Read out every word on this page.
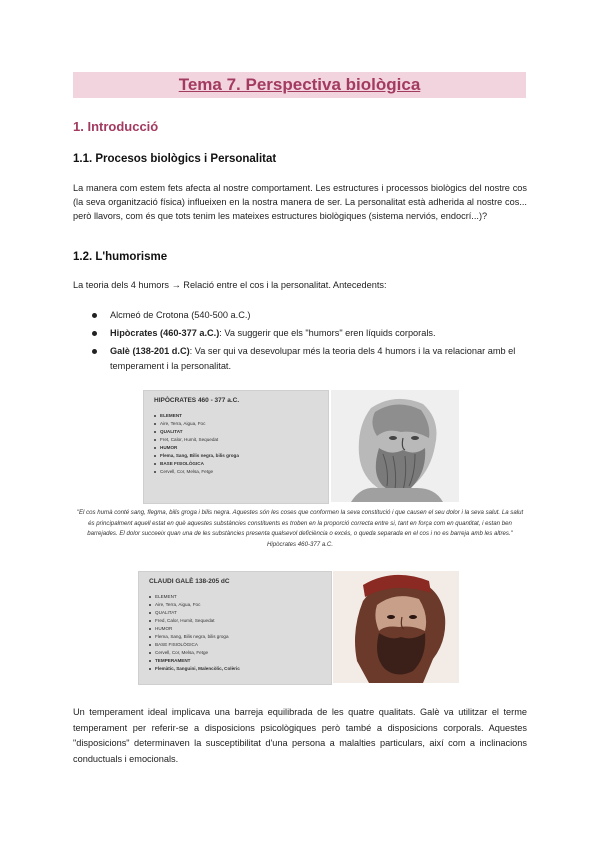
Tema 7. Perspectiva biològica
1. Introducció
1.1. Procesos biològics i Personalitat
La manera com estem fets afecta al nostre comportament. Les estructures i processos biològics del nostre cos (la seva organització física) influeixen en la nostra manera de ser. La personalitat està adherida al nostre cos... però llavors, com és que tots tenim les mateixes estructures biològiques (sistema nerviós, endocrí...)?
1.2. L'humorisme
La teoria dels 4 humors → Relació entre el cos i la personalitat. Antecedents:
Alcmeó de Crotona (540-500 a.C.)
Hipòcrates (460-377 a.C.): Va suggerir que els "humors" eren líquids corporals.
Galè (138-201 d.C): Va ser qui va desevolupar més la teoria dels 4 humors i la va relacionar amb el temperament i la personalitat.
HIPÒCRATES 460 - 377 a.C.
ELEMENT
Aire, Terra, Aigua, Foc
QUALITAT
Fret, Calor, Humit, Sequedat
HUMOR
Flema, Sang, Bilis negra, bilis groga
BASE FISIOLÒGICA
Cervell, Cor, Melsa, Fetge
"El cos humà conté sang, flegma, bilis groga i bilis negra. Aquestes són les coses que conformen la seva constitució i que causen el seu dolor i la seva salut. La salut és principalment aquell estat en què aquestes substàncies constituents es troben en la proporció correcta entre si, tant en força com en quantitat, i estan ben barrejades. El dolor succeeix quan una de les substàncies presenta qualsevol deficiència o excés, o queda separada en el cos i no es barreja amb les altres." Hipòcrates 460-377 a.C.
CLAUDI GALÈ 138-205 dC
ELEMENT
Aire, Terra, Aigua, Foc
QUALITAT
Fred, Calor, Humit, Sequedat
HUMOR
Flema, Sang, Bilis negra, bilis groga
BASE FISIOLÒGICA
Cervell, Cor, Melsa, Fetge
TEMPERAMENT
Flemàtic, Sanguini, Malencòlic, Colèric
Un temperament ideal implicava una barreja equilibrada de les quatre qualitats. Galè va utilitzar el terme temperament per referir-se a disposicions psicològiques però també a disposicions corporals. Aquestes "disposicions" determinaven la susceptibilitat d'una persona a malalties particulars, així com a inclinacions conductuals i emocionals.
